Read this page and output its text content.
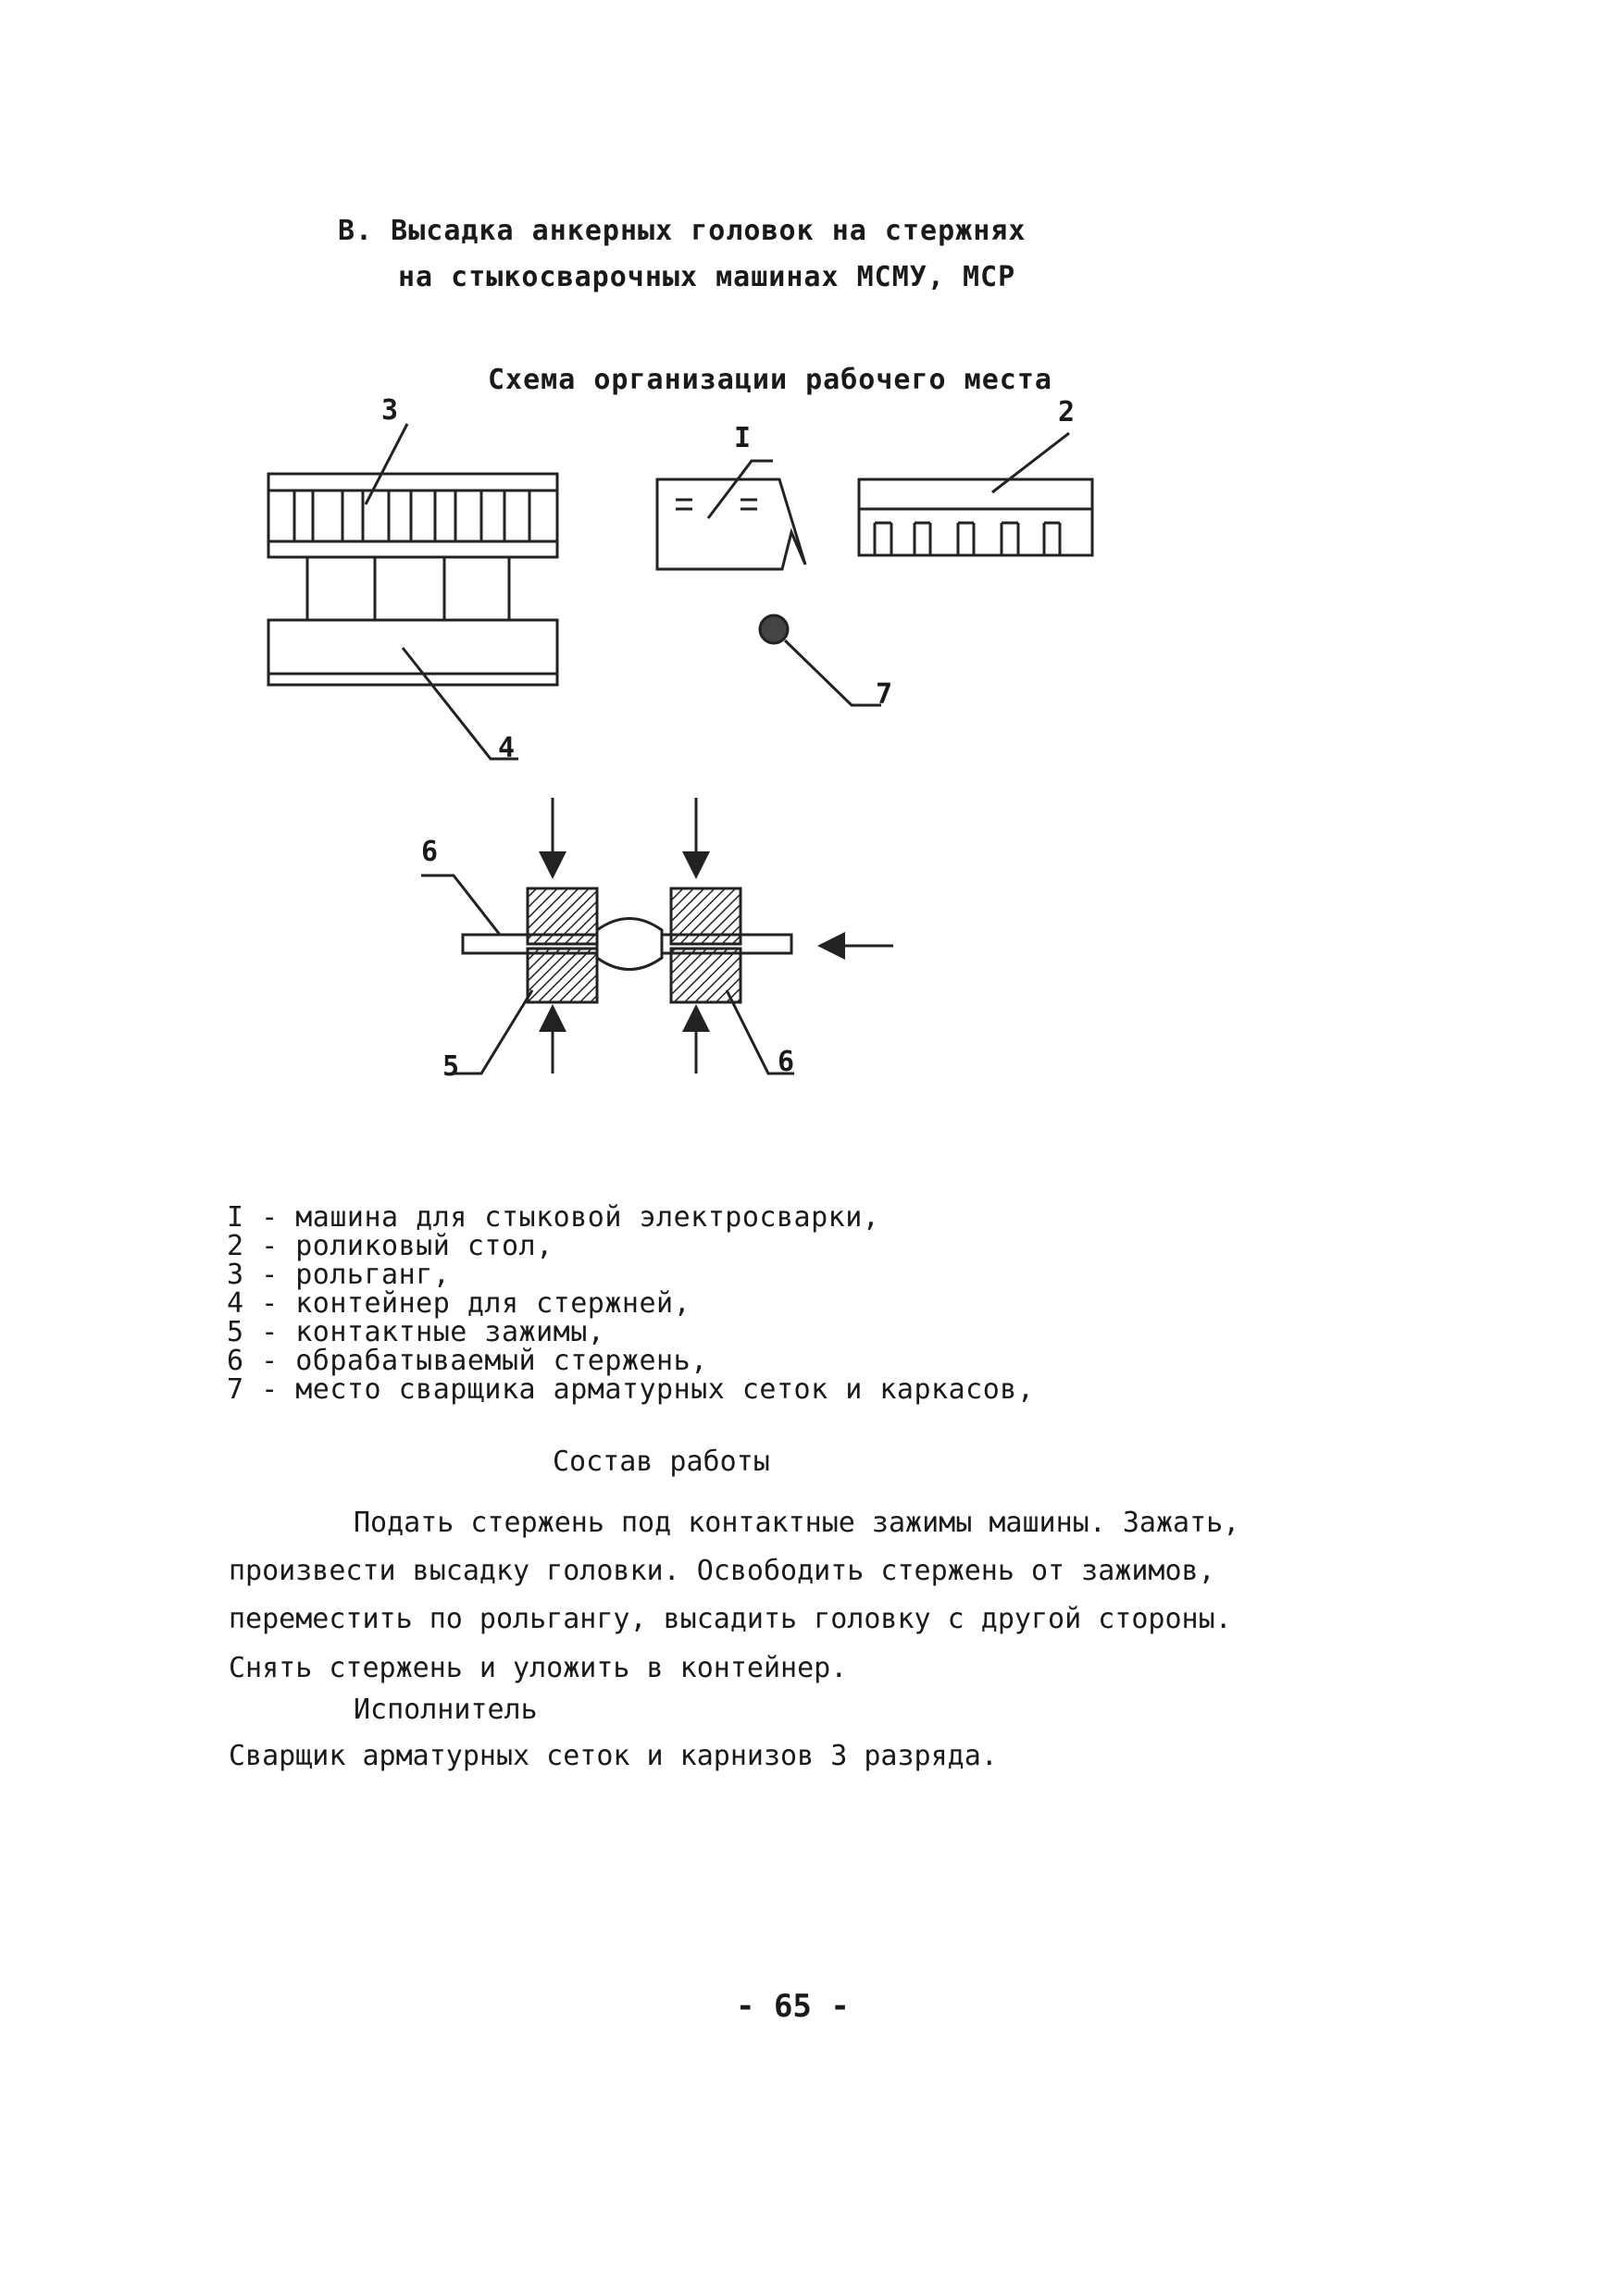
В. Высадка анкерных головок на стержнях
на стыкосварочных машинах МСМУ, МСР
Схема организации рабочего места
3
I
2
7
4
6
5	6
I - машина для стыковой электросварки,
2 - роликовый стол,
3 - рольганг,
4 - контейнер для стержней,
5 - контактные зажимы,
6 - обрабатываемый стержень,
7 - место сварщика арматурных сеток и каркасов,
Состав работы
Подать стержень под контактные зажимы машины. Зажать,
произвести высадку головки. Освободить стержень от зажимов,
переместить по рольгангу, высадить головку с другой стороны.
Снять стержень и уложить в контейнер.
Исполнитель
Сварщик арматурных сеток и карнизов 3 разряда.
- 65 -
